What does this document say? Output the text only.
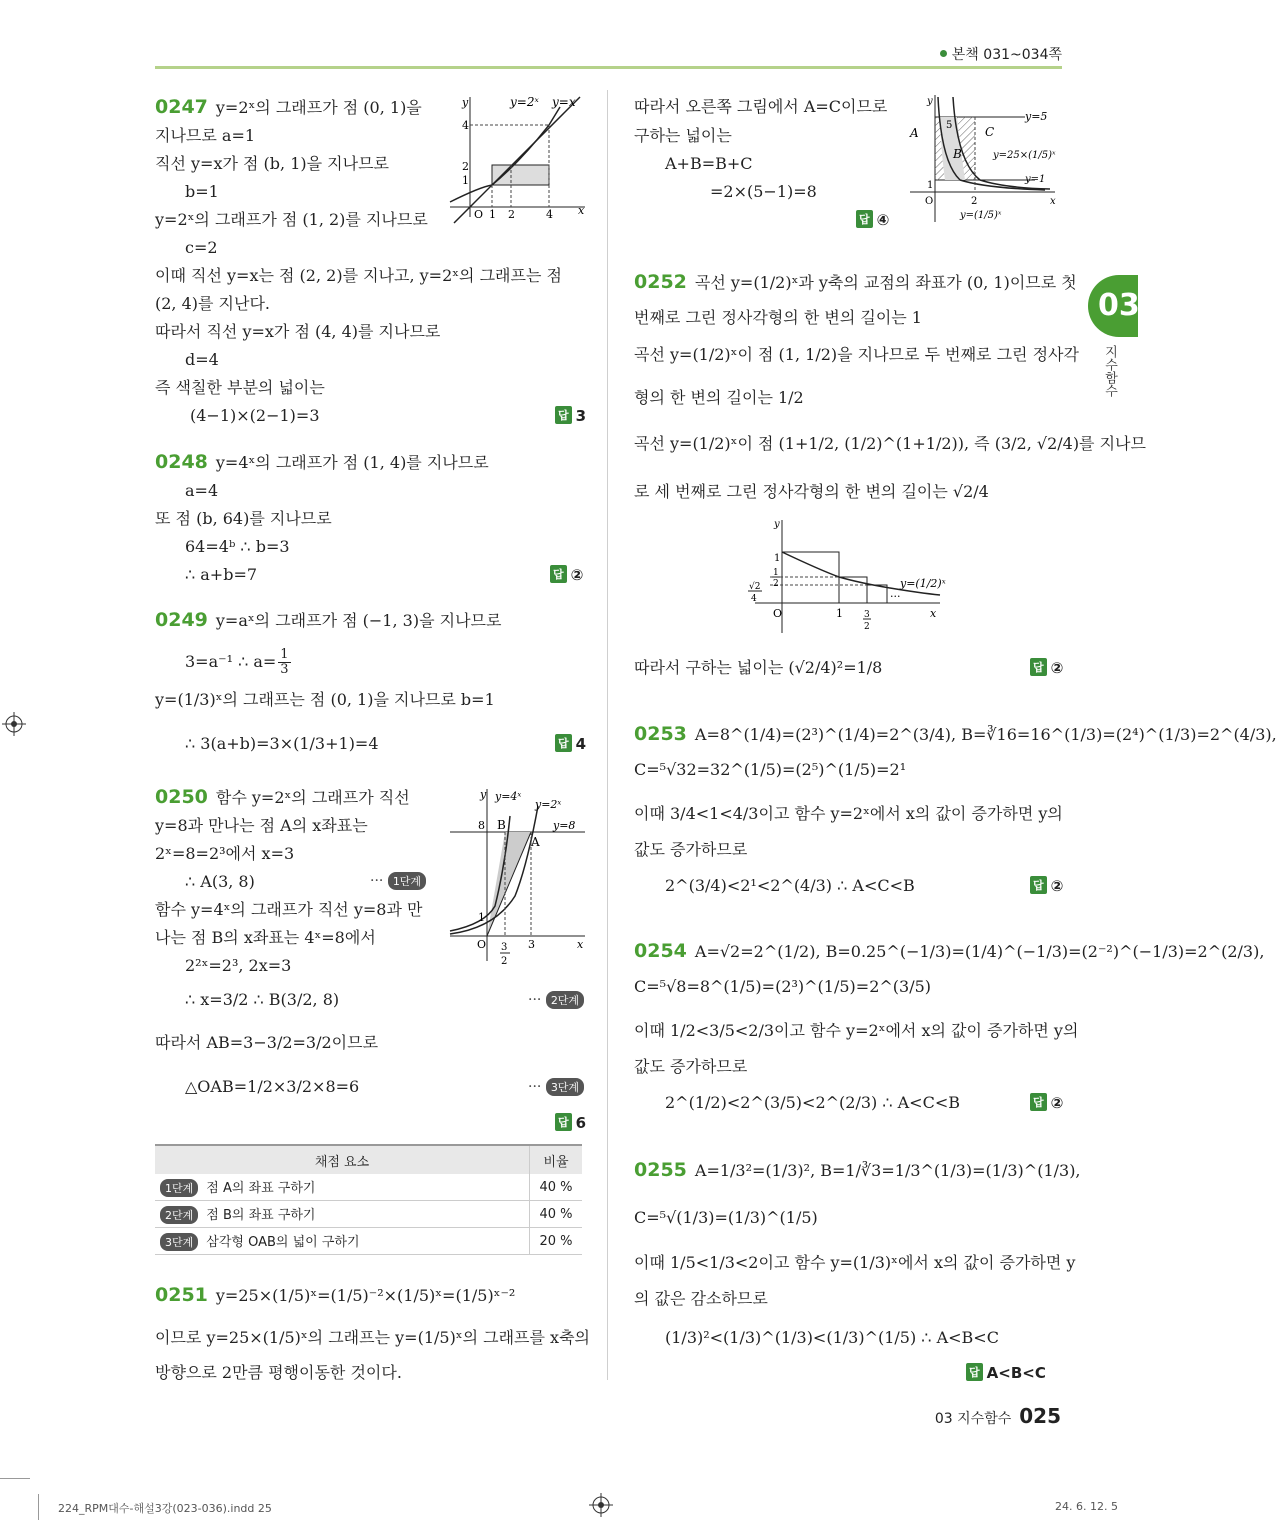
본책 031~034쪽
03
지수함수
0247 y=2ˣ의 그래프가 점 (0, 1)을
지나므로 a=1
직선 y=x가 점 (b, 1)을 지나므로
b=1
y=2ˣ의 그래프가 점 (1, 2)를 지나므로
c=2
이때 직선 y=x는 점 (2, 2)를 지나고, y=2ˣ의 그래프는 점
(2, 4)를 지난다.
따라서 직선 y=x가 점 (4, 4)를 지나므로
d=4
즉 색칠한 부분의 넓이는
(4−1)×(2−1)=3	답 3
y=2ˣ y=x
y
x
O
4
2
1
1 2	4
0248 y=4ˣ의 그래프가 점 (1, 4)를 지나므로
a=4
또 점 (b, 64)를 지나므로
64=4ᵇ ∴ b=3
∴ a+b=7	답 ②
0249 y=aˣ의 그래프가 점 (−1, 3)을 지나므로
3=a⁻¹ ∴ $a= \frac{1}{3}$
y=(1/3)ˣ의 그래프는 점 (0, 1)을 지나므로 b=1
∴ 3(a+b)=3×(1/3+1)=4	답 4
0250 함수 y=2ˣ의 그래프가 직선
y=8과 만나는 점 A의 x좌표는
2ˣ=8=2³에서 x=3
∴ A(3, 8)	··· 1단계
함수 y=4ˣ의 그래프가 직선 y=8과 만
나는 점 B의 x좌표는 4ˣ=8에서
2²ˣ=2³, 2x=3
∴ x=3/2 ∴ B(3/2, 8)	··· 2단계
따라서 AB=3−3/2=3/2이므로
△OAB=1/2×3/2×8=6	··· 3단계
답 6
y=4ˣ
y=2ˣ
y=8
B
A
8
1
O 3
2
3
y
x
채점 요소	비율
1단계 점 A의 좌표 구하기	40 %
2단계 점 B의 좌표 구하기	40 %
3단계 삼각형 OAB의 넓이 구하기	20 %
0251 y=25×(1/5)ˣ=(1/5)⁻²×(1/5)ˣ=(1/5)ˣ⁻²
이므로 y=25×(1/5)ˣ의 그래프는 y=(1/5)ˣ의 그래프를 x축의
방향으로 2만큼 평행이동한 것이다.
따라서 오른쪽 그림에서 A=C이므로
구하는 넓이는
A+B=B+C
=2×(5−1)=8
답 ④
y=5
A
B
C
5
y=25×(1/5)ˣ
y=1
y=(1/5)ˣ
1
2
O
y
x
0252 곡선 y=(1/2)ˣ과 y축의 교점의 좌표가 (0, 1)이므로 첫
번째로 그린 정사각형의 한 변의 길이는 1
곡선 y=(1/2)ˣ이 점 (1, 1/2)을 지나므로 두 번째로 그린 정사각
형의 한 변의 길이는 1/2
곡선 y=(1/2)ˣ이 점 (1+1/2, (1/2)^(1+1/2)), 즉 (3/2, √2/4)를 지나므
로 세 번째로 그린 정사각형의 한 변의 길이는 √2/4
y
x
O
1
1
2
√2
4
1 3
2
···
y=(1/2)ˣ
따라서 구하는 넓이는 (√2/4)²=1/8	답 ②
0253 A=8^(1/4)=(2³)^(1/4)=2^(3/4), B=∛16=16^(1/3)=(2⁴)^(1/3)=2^(4/3),
C=⁵√32=32^(1/5)=(2⁵)^(1/5)=2¹
이때 3/4<1<4/3이고 함수 y=2ˣ에서 x의 값이 증가하면 y의
값도 증가하므로
2^(3/4)<2¹<2^(4/3) ∴ A<C<B	답 ②
0254 A=√2=2^(1/2), B=0.25^(−1/3)=(1/4)^(−1/3)=(2⁻²)^(−1/3)=2^(2/3),
C=⁵√8=8^(1/5)=(2³)^(1/5)=2^(3/5)
이때 1/2<3/5<2/3이고 함수 y=2ˣ에서 x의 값이 증가하면 y의
값도 증가하므로
2^(1/2)<2^(3/5)<2^(2/3) ∴ A<C<B	답 ②
0255 A=1/3²=(1/3)², B=1/∛3=1/3^(1/3)=(1/3)^(1/3),
C=⁵√(1/3)=(1/3)^(1/5)
이때 1/5<1/3<2이고 함수 y=(1/3)ˣ에서 x의 값이 증가하면 y
의 값은 감소하므로
(1/3)²<(1/3)^(1/3)<(1/3)^(1/5) ∴ A<B<C
답 A<B<C
03 지수함수 025
224_RPM대수-해설3강(023-036).indd 25	24. 6. 12. 5
